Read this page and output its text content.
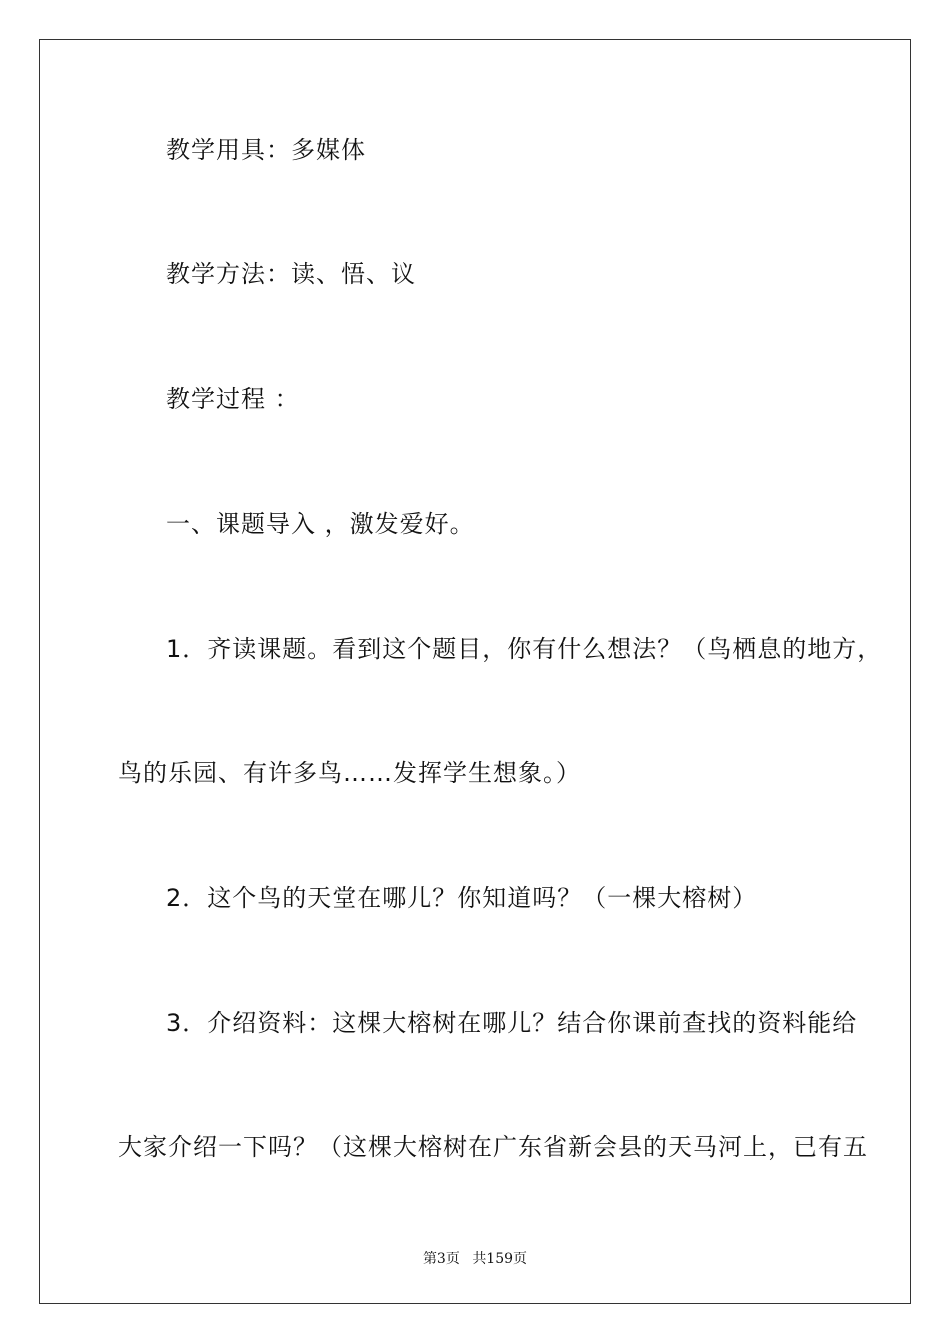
教学用具：多媒体
教学方法：读、悟、议
教学过程 ：
一、课题导入 ，激发爱好。
1．齐读课题。看到这个题目，你有什么想法？（鸟栖息的地方，
鸟的乐园、有许多鸟……发挥学生想象。）
2．这个鸟的天堂在哪儿？你知道吗？（一棵大榕树）
3．介绍资料：这棵大榕树在哪儿？结合你课前查找的资料能给
大家介绍一下吗？（这棵大榕树在广东省新会县的天马河上，已有五
第3页 共159页
